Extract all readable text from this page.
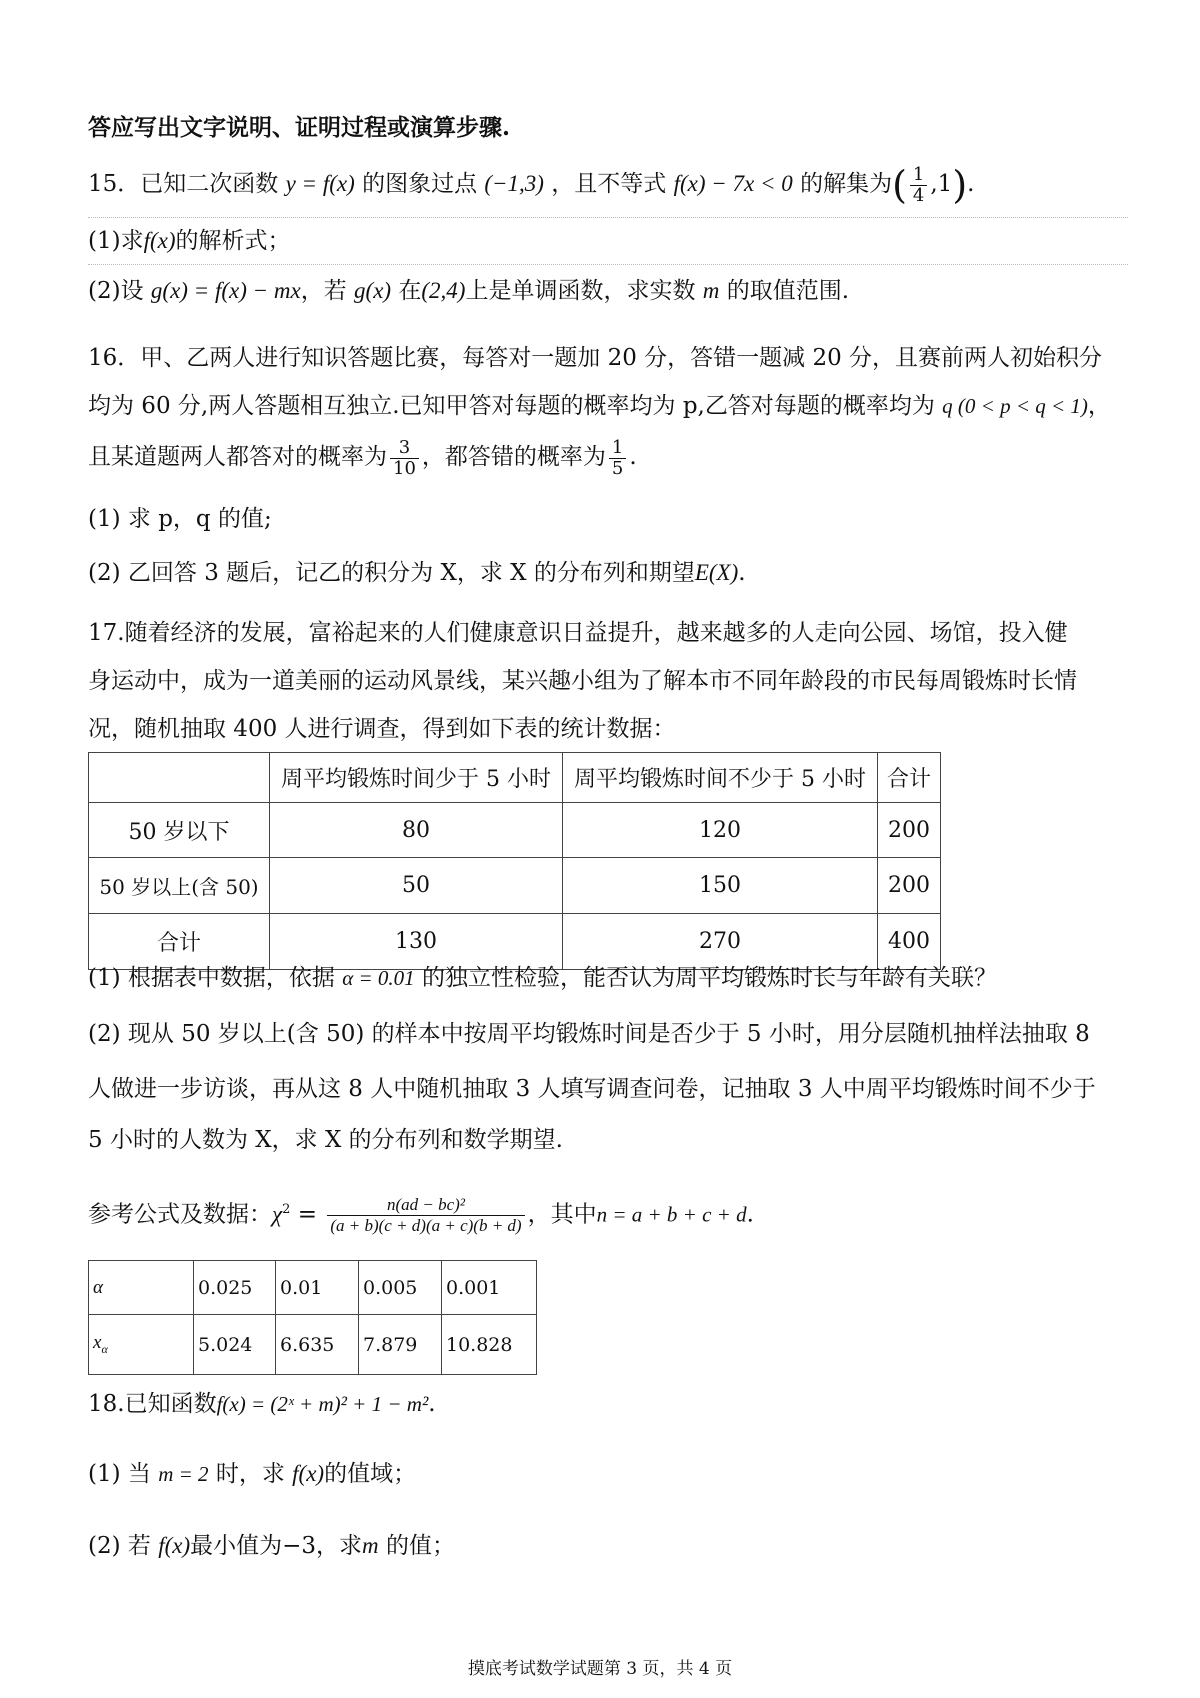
答应写出文字说明、证明过程或演算步骤.
15．已知二次函数 y = f(x) 的图象过点 (−1,3) ，且不等式 f(x) − 7x < 0 的解集为( $\frac{1}{4} ,1$).
(1)求f(x)的解析式；
(2)设 g(x) = f(x) − mx，若 g(x) 在(2,4)上是单调函数，求实数 m 的取值范围.
16．甲、乙两人进行知识答题比赛，每答对一题加 20 分，答错一题减 20 分，且赛前两人初始积分
均为 60 分,两人答题相互独立.已知甲答对每题的概率均为 p,乙答对每题的概率均为 q (0 < p < q < 1)，
且某道题两人都答对的概率为 $\frac{3}{10}$ ，都答错的概率为 $\frac{1}{5}$ .
(1) 求 p，q 的值;
(2) 乙回答 3 题后，记乙的积分为 X，求 X 的分布列和期望E(X).
17.随着经济的发展，富裕起来的人们健康意识日益提升，越来越多的人走向公园、场馆，投入健
身运动中，成为一道美丽的运动风景线，某兴趣小组为了解本市不同年龄段的市民每周锻炼时长情
况，随机抽取 400 人进行调查，得到如下表的统计数据：
	周平均锻炼时间少于 5 小时	周平均锻炼时间不少于 5 小时	合计
50 岁以下	80	120	200
50 岁以上(含 50)	50	150	200
合计	130	270	400
(1) 根据表中数据，依据 α = 0.01 的独立性检验，能否认为周平均锻炼时长与年龄有关联？
(2) 现从 50 岁以上(含 50) 的样本中按周平均锻炼时间是否少于 5 小时，用分层随机抽样法抽取 8
人做进一步访谈，再从这 8 人中随机抽取 3 人填写调查问卷，记抽取 3 人中周平均锻炼时间不少于
5 小时的人数为 X，求 X 的分布列和数学期望.
参考公式及数据：$\chi^2 = \frac{\text{n(ad − bc)²}}{(a + b)(c + d)(a + c)(b + d)}$ ，其中n = a + b + c + d.
α	0.025	0.01	0.005	0.001
$x_\alpha$	5.024	6.635	7.879	10.828
18.已知函数f(x) = (2ˣ + m)² + 1 − m².
(1) 当 m = 2 时，求 f(x)的值域；
(2) 若 f(x)最小值为−3，求m 的值；
摸底考试数学试题第 3 页，共 4 页
